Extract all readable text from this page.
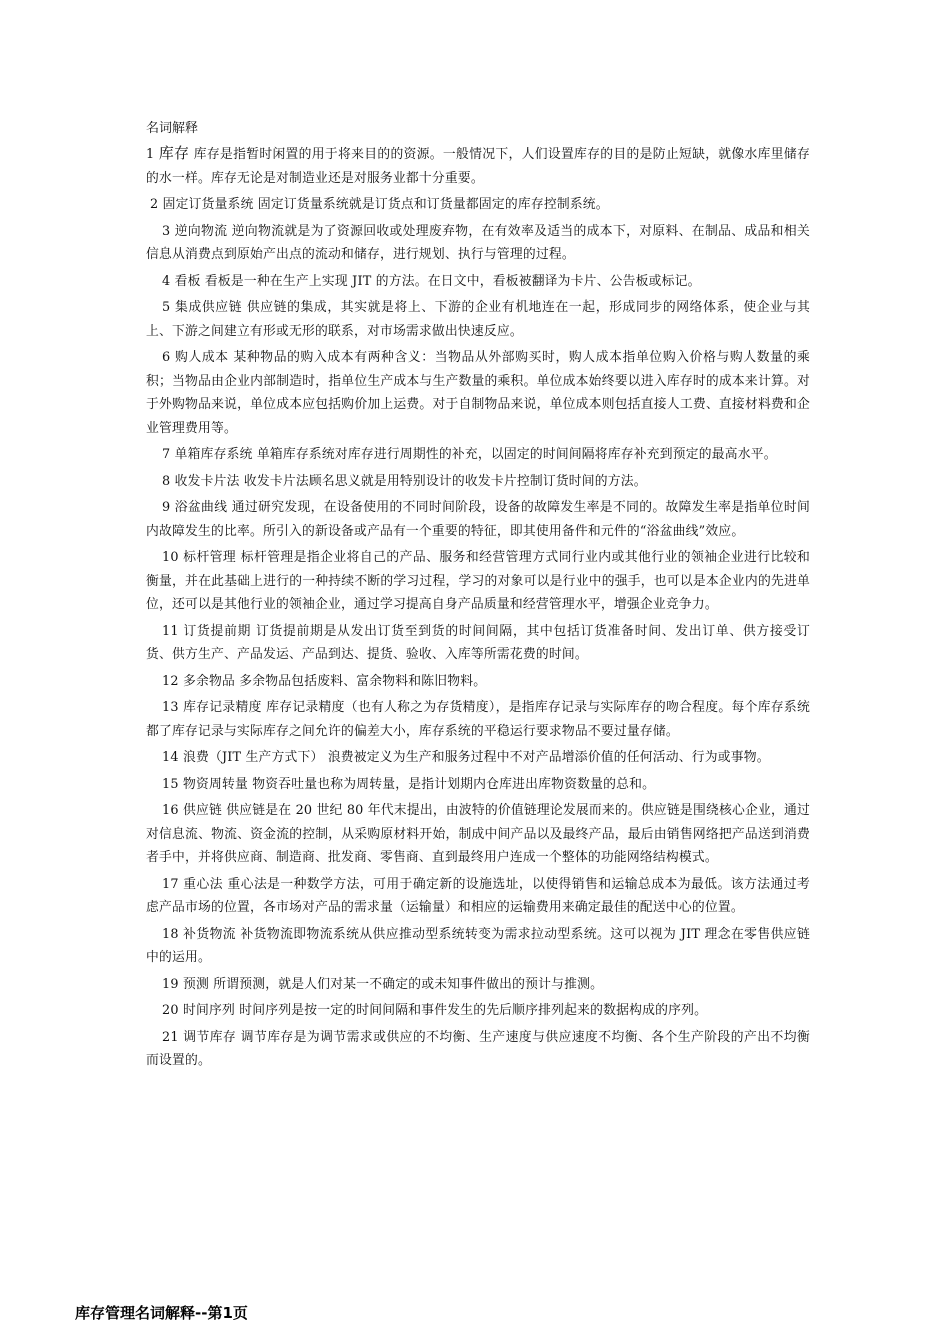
名词解释

1 库存 库存是指暂时闲置的用于将来目的的资源。一般情况下，人们设置库存的目的是防止短缺，就像水库里储存的水一样。库存无论是对制造业还是对服务业都十分重要。

2 固定订货量系统 固定订货量系统就是订货点和订货量都固定的库存控制系统。

3 逆向物流 逆向物流就是为了资源回收或处理废弃物，在有效率及适当的成本下，对原料、在制品、成品和相关信息从消费点到原始产出点的流动和储存，进行规划、执行与管理的过程。

4 看板 看板是一种在生产上实现 JIT 的方法。在日文中，看板被翻译为卡片、公告板或标记。

5 集成供应链 供应链的集成，其实就是将上、下游的企业有机地连在一起，形成同步的网络体系，使企业与其上、下游之间建立有形或无形的联系，对市场需求做出快速反应。

6 购人成本 某种物品的购入成本有两种含义：当物品从外部购买时，购人成本指单位购入价格与购人数量的乘积；当物品由企业内部制造时，指单位生产成本与生产数量的乘积。单位成本始终要以进入库存时的成本来计算。对于外购物品来说，单位成本应包括购价加上运费。对于自制物品来说，单位成本则包括直接人工费、直接材料费和企业管理费用等。

7 单箱库存系统 单箱库存系统对库存进行周期性的补充，以固定的时间间隔将库存补充到预定的最高水平。

8 收发卡片法 收发卡片法顾名思义就是用特别设计的收发卡片控制订货时间的方法。

9 浴盆曲线 通过研究发现，在设备使用的不同时间阶段，设备的故障发生率是不同的。故障发生率是指单位时间内故障发生的比率。所引入的新设备或产品有一个重要的特征，即其使用备件和元件的“浴盆曲线”效应。

10 标杆管理 标杆管理是指企业将自己的产品、服务和经营管理方式同行业内或其他行业的领袖企业进行比较和衡量，并在此基础上进行的一种持续不断的学习过程，学习的对象可以是行业中的强手，也可以是本企业内的先进单位，还可以是其他行业的领袖企业，通过学习提高自身产品质量和经营管理水平，增强企业竞争力。

11 订货提前期 订货提前期是从发出订货至到货的时间间隔，其中包括订货准备时间、发出订单、供方接受订货、供方生产、产品发运、产品到达、提货、验收、入库等所需花费的时间。

12 多余物品 多余物品包括废料、富余物料和陈旧物料。

13 库存记录精度 库存记录精度（也有人称之为存货精度），是指库存记录与实际库存的吻合程度。每个库存系统都了库存记录与实际库存之间允许的偏差大小，库存系统的平稳运行要求物品不要过量存储。

14 浪费（JIT 生产方式下） 浪费被定义为生产和服务过程中不对产品增添价值的任何活动、行为或事物。

15 物资周转量 物资吞吐量也称为周转量，是指计划期内仓库进出库物资数量的总和。

16 供应链 供应链是在 20 世纪 80 年代末提出，由波特的价值链理论发展而来的。供应链是围绕核心企业，通过对信息流、物流、资金流的控制，从采购原材料开始，制成中间产品以及最终产品，最后由销售网络把产品送到消费者手中，并将供应商、制造商、批发商、零售商、直到最终用户连成一个整体的功能网络结构模式。

17 重心法 重心法是一种数学方法，可用于确定新的设施选址，以使得销售和运输总成本为最低。该方法通过考虑产品市场的位置，各市场对产品的需求量（运输量）和相应的运输费用来确定最佳的配送中心的位置。

18 补货物流 补货物流即物流系统从供应推动型系统转变为需求拉动型系统。这可以视为 JIT 理念在零售供应链中的运用。

19 预测 所谓预测，就是人们对某一不确定的或未知事件做出的预计与推测。

20 时间序列 时间序列是按一定的时间间隔和事件发生的先后顺序排列起来的数据构成的序列。

21 调节库存 调节库存是为调节需求或供应的不均衡、生产速度与供应速度不均衡、各个生产阶段的产出不均衡而设置的。

库存管理名词解释--第1页
